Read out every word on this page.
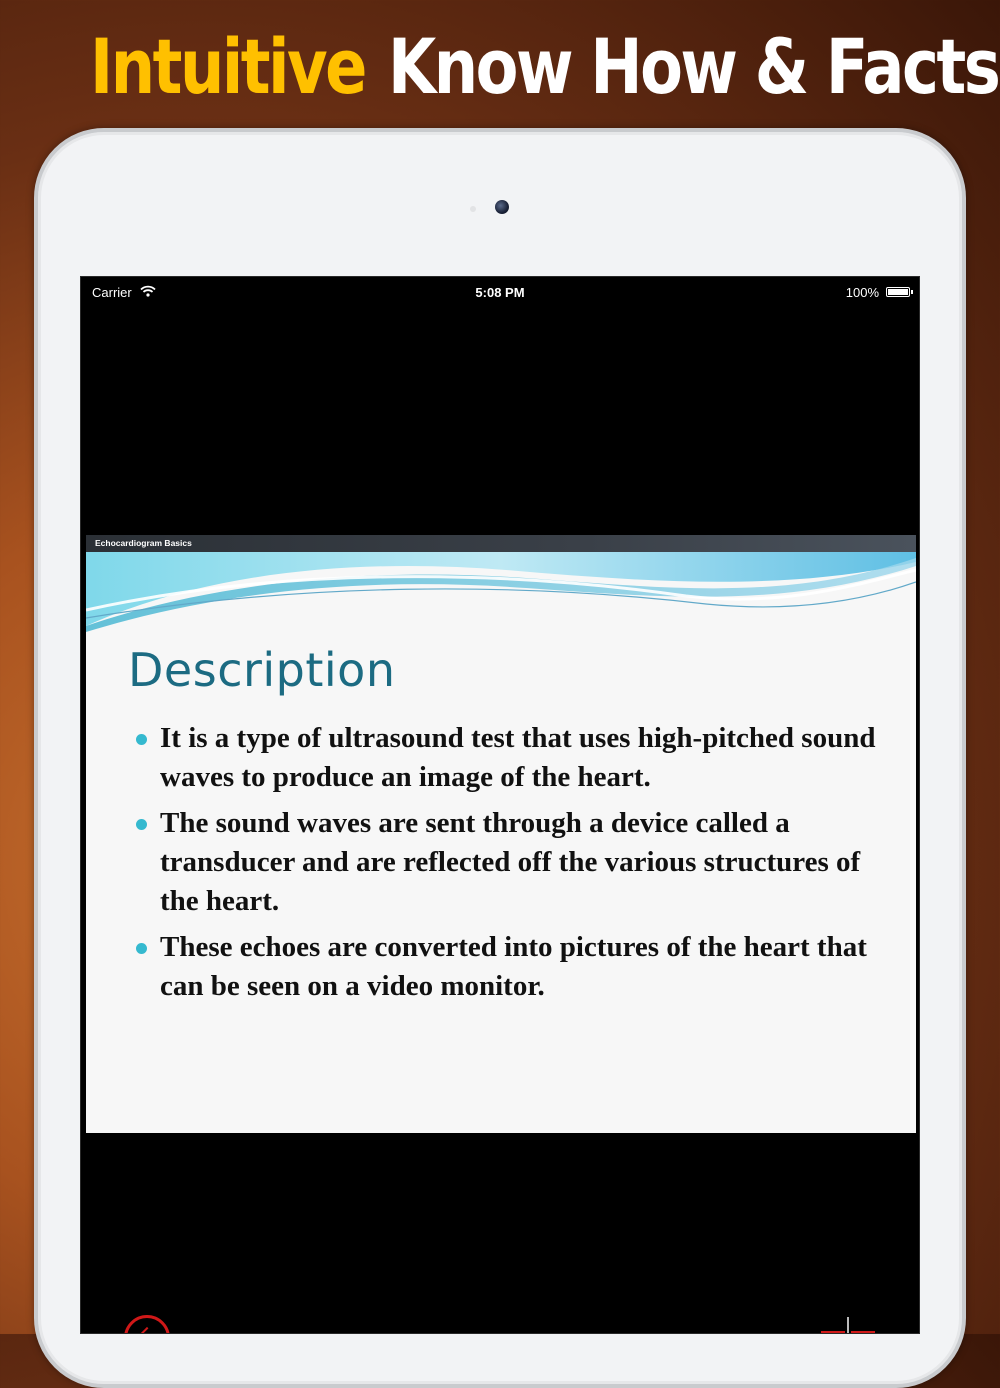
Intuitive Know How & Facts
Carrier	5:08 PM	100%
Echocardiogram Basics
Description
It is a type of ultrasound test that uses high-pitched sound waves to produce an image of the heart.
The sound waves are sent through a device called a transducer and are reflected off the various structures of the heart.
These echoes are converted into pictures of the heart that can be seen on a video monitor.
